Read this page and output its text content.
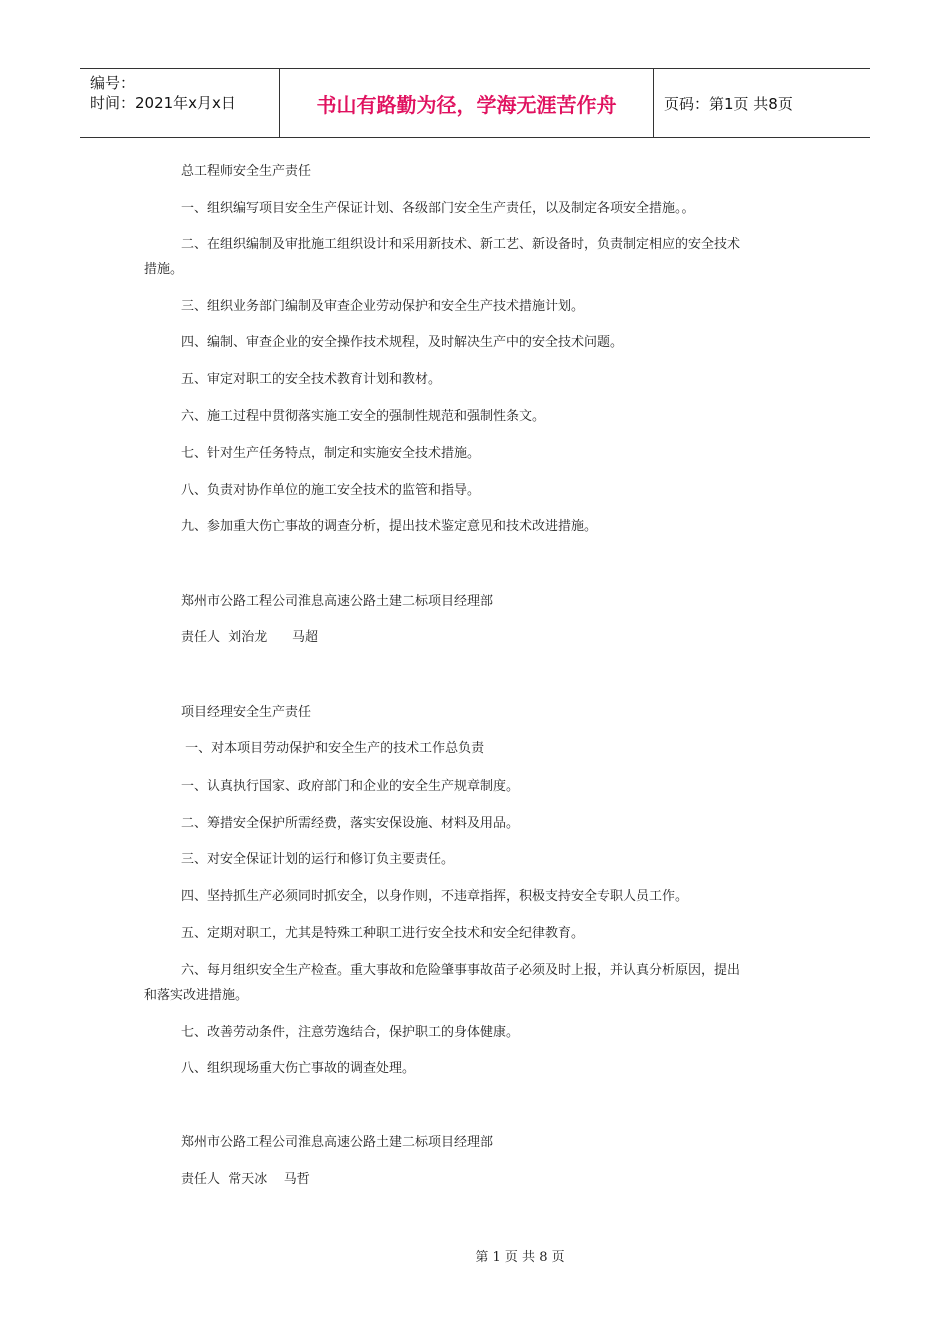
编号：
时间：2021年x月x日	书山有路勤为径，学海无涯苦作舟	页码：第1页 共8页
总工程师安全生产责任
一、组织编写项目安全生产保证计划、各级部门安全生产责任，以及制定各项安全措施。。
二、在组织编制及审批施工组织设计和采用新技术、新工艺、新设备时，负责制定相应的安全技术
措施。
三、组织业务部门编制及审查企业劳动保护和安全生产技术措施计划。
四、编制、审查企业的安全操作技术规程，及时解决生产中的安全技术问题。
五、审定对职工的安全技术教育计划和教材。
六、施工过程中贯彻落实施工安全的强制性规范和强制性条文。
七、针对生产任务特点，制定和实施安全技术措施。
八、负责对协作单位的施工安全技术的监管和指导。
九、参加重大伤亡事故的调查分析，提出技术鉴定意见和技术改进措施。
郑州市公路工程公司淮息高速公路土建二标项目经理部
责任人  刘治龙      马超
项目经理安全生产责任
一、对本项目劳动保护和安全生产的技术工作总负责
一、认真执行国家、政府部门和企业的安全生产规章制度。
二、筹措安全保护所需经费，落实安保设施、材料及用品。
三、对安全保证计划的运行和修订负主要责任。
四、坚持抓生产必须同时抓安全，以身作则，不违章指挥，积极支持安全专职人员工作。
五、定期对职工，尤其是特殊工种职工进行安全技术和安全纪律教育。
六、每月组织安全生产检查。重大事故和危险肇事事故苗子必须及时上报，并认真分析原因，提出
和落实改进措施。
七、改善劳动条件，注意劳逸结合，保护职工的身体健康。
八、组织现场重大伤亡事故的调查处理。
郑州市公路工程公司淮息高速公路土建二标项目经理部
责任人  常天冰    马哲
第 1 页 共 8 页
